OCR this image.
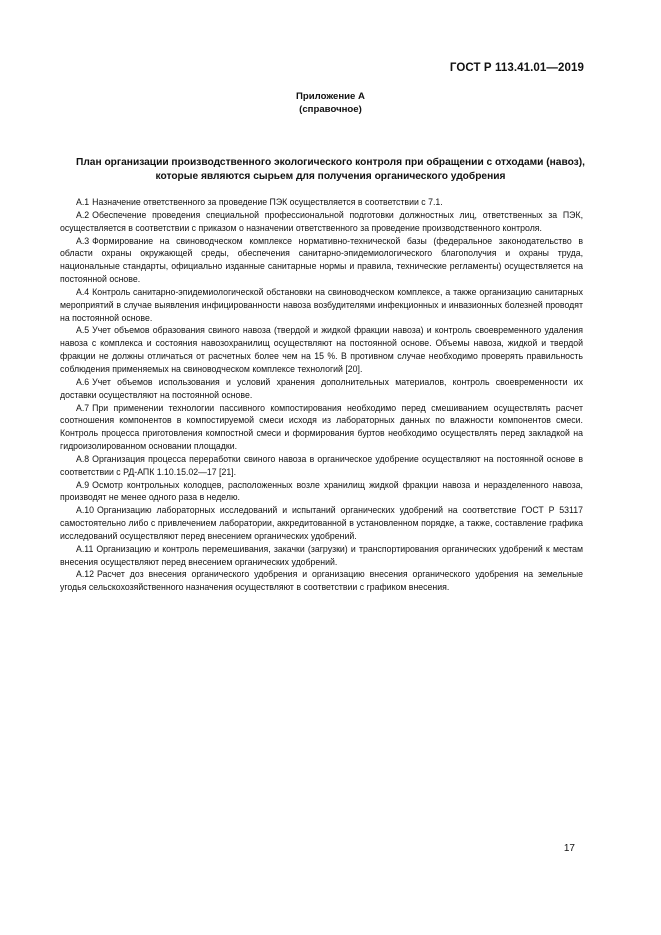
ГОСТ Р 113.41.01—2019
Приложение А
(справочное)
План организации производственного экологического контроля при обращении с отходами (навоз), которые являются сырьем для получения органического удобрения

А.1 Назначение ответственного за проведение ПЭК осуществляется в соответствии с 7.1.

А.2 Обеспечение проведения специальной профессиональной подготовки должностных лиц, ответственных за ПЭК, осуществляется в соответствии с приказом о назначении ответственного за проведение производственного контроля.

А.3 Формирование на свиноводческом комплексе нормативно-технической базы (федеральное законодательство в области охраны окружающей среды, обеспечения санитарно-эпидемиологического благополучия и охраны труда, национальные стандарты, официально изданные санитарные нормы и правила, технические регламенты) осуществляется на постоянной основе.

А.4 Контроль санитарно-эпидемиологической обстановки на свиноводческом комплексе, а также организацию санитарных мероприятий в случае выявления инфицированности навоза возбудителями инфекционных и инвазионных болезней проводят на постоянной основе.

А.5 Учет объемов образования свиного навоза (твердой и жидкой фракции навоза) и контроль своевременного удаления навоза с комплекса и состояния навозохранилищ осуществляют на постоянной основе. Объемы навоза, жидкой и твердой фракции не должны отличаться от расчетных более чем на 15 %. В противном случае необходимо проверять правильность соблюдения применяемых на свиноводческом комплексе технологий [20].

А.6 Учет объемов использования и условий хранения дополнительных материалов, контроль своевременности их доставки осуществляют на постоянной основе.

А.7 При применении технологии пассивного компостирования необходимо перед смешиванием осуществлять расчет соотношения компонентов в компостируемой смеси исходя из лабораторных данных по влажности компонентов смеси. Контроль процесса приготовления компостной смеси и формирования буртов необходимо осуществлять перед закладкой на гидроизолированном основании площадки.

А.8 Организация процесса переработки свиного навоза в органическое удобрение осуществляют на постоянной основе в соответствии с РД-АПК 1.10.15.02—17 [21].

А.9 Осмотр контрольных колодцев, расположенных возле хранилищ жидкой фракции навоза и неразделенного навоза, производят не менее одного раза в неделю.

А.10 Организацию лабораторных исследований и испытаний органических удобрений на соответствие ГОСТ Р 53117 самостоятельно либо с привлечением лаборатории, аккредитованной в установленном порядке, а также, составление графика исследований осуществляют перед внесением органических удобрений.

А.11 Организацию и контроль перемешивания, закачки (загрузки) и транспортирования органических удобрений к местам внесения осуществляют перед внесением органических удобрений.

А.12 Расчет доз внесения органического удобрения и организацию внесения органического удобрения на земельные угодья сельскохозяйственного назначения осуществляют в соответствии с графиком внесения.

17
